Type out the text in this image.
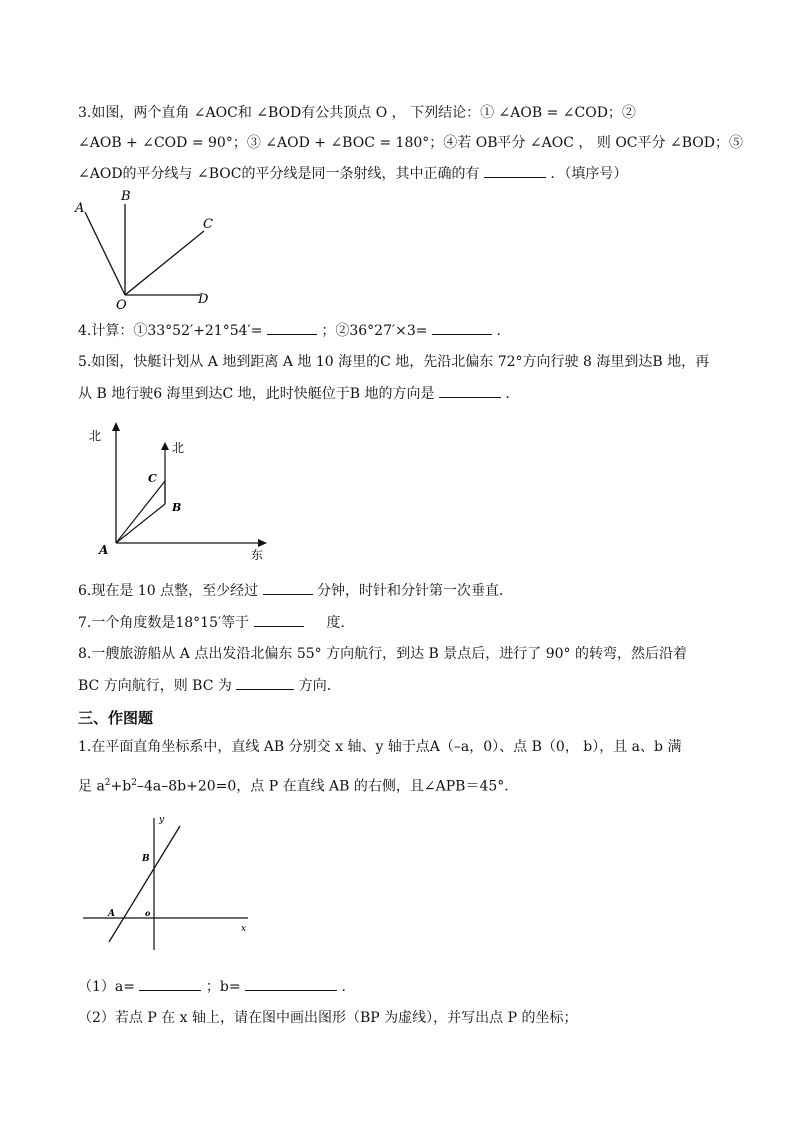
3.如图，两个直角 ∠AOC和 ∠BOD有公共顶点 O ， 下列结论：① ∠AOB = ∠COD；②
∠AOB + ∠COD = 90°；③ ∠AOD + ∠BOC = 180°；④若 OB平分 ∠AOC ， 则 OC平分 ∠BOD；⑤
∠AOD的平分线与 ∠BOC的平分线是同一条射线，其中正确的有	．（填序号）
A
B
C
O	D
4.计算：①33°52′+21°54′=	；②36°27′×3=	．
5.如图，快艇计划从 A 地到距离 A 地 10 海里的C 地，先沿北偏东 72°方向行驶 8 海里到达B 地，再
从 B 地行驶6 海里到达C 地，此时快艇位于B 地的方向是	.
北
北
东
A
B
C
6.现在是 10 点整，至少经过	分钟，时针和分针第一次垂直．
7.一个角度数是18°15′等于	度．
8.一艘旅游船从 A 点出发沿北偏东 55° 方向航行，到达 B 景点后，进行了 90° 的转弯，然后沿着
BC 方向航行，则 BC 为	方向．
三、作图题
1.在平面直角坐标系中，直线 AB 分别交 x 轴、y 轴于点A（–a，0）、点 B（0， b），且 a、b 满
足 $a^2+b^2-4a-8b+20=0$，点 P 在直线 AB 的右侧，且∠APB＝45°．
y
x
B
A	o
（1）a=	；b=	．
（2）若点 P 在 x 轴上，请在图中画出图形（BP 为虚线），并写出点 P 的坐标；
